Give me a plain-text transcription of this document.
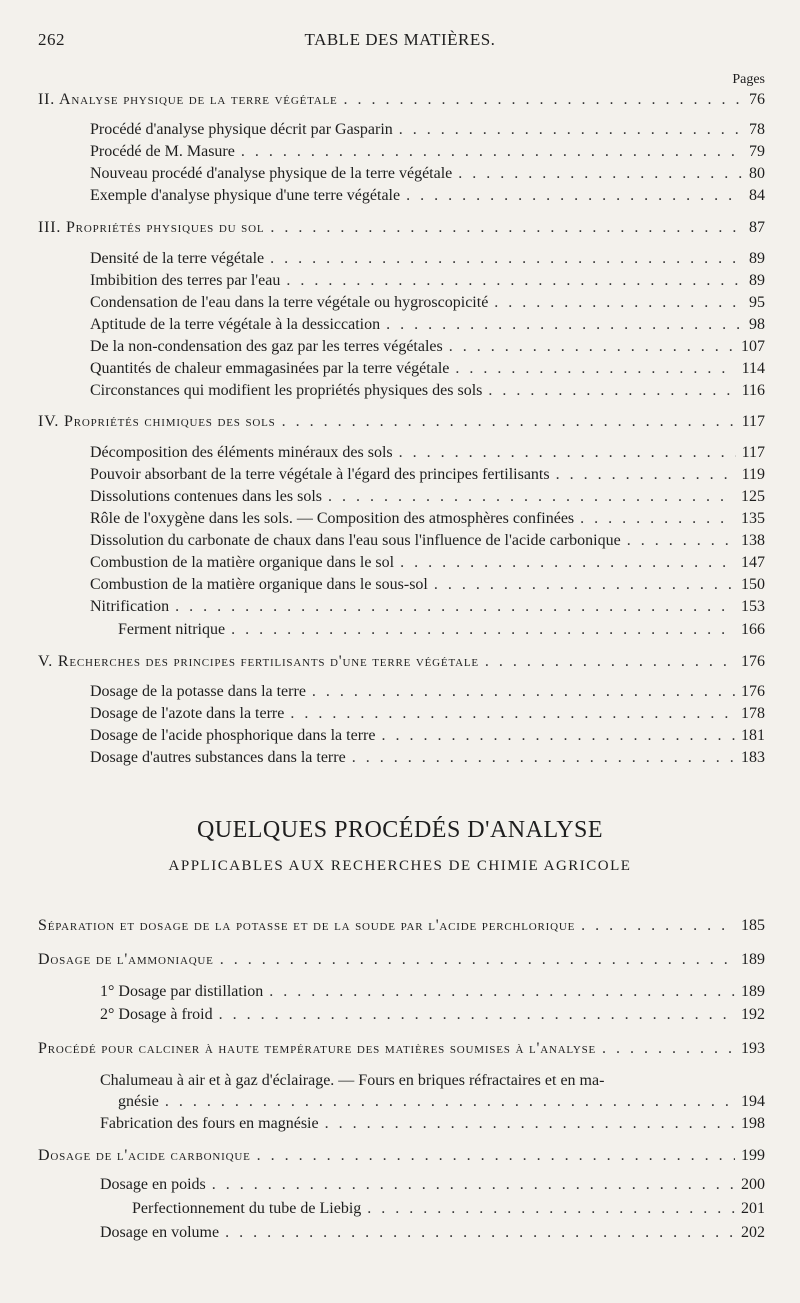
262	TABLE DES MATIÈRES.
Pages
II. Analyse physique de la terre végétale . . .	76
Procédé d'analyse physique décrit par Gasparin . . .	78
Procédé de M. Masure . . .	79
Nouveau procédé d'analyse physique de la terre végétale . . .	80
Exemple d'analyse physique d'une terre végétale . . .	84
III. Propriétés physiques du sol . . .	87
Densité de la terre végétale . . .	89
Imbibition des terres par l'eau . . .	89
Condensation de l'eau dans la terre végétale ou hygroscopicité . . .	95
Aptitude de la terre végétale à la dessiccation . . .	98
De la non-condensation des gaz par les terres végétales . . .	107
Quantités de chaleur emmagasinées par la terre végétale . . .	114
Circonstances qui modifient les propriétés physiques des sols . . .	116
IV. Propriétés chimiques des sols . . .	117
Décomposition des éléments minéraux des sols . . .	117
Pouvoir absorbant de la terre végétale à l'égard des principes fertilisants . . .	119
Dissolutions contenues dans les sols . . .	125
Rôle de l'oxygène dans les sols. — Composition des atmosphères confinées . . .	135
Dissolution du carbonate de chaux dans l'eau sous l'influence de l'acide carbonique . . .	138
Combustion de la matière organique dans le sol . . .	147
Combustion de la matière organique dans le sous-sol . . .	150
Nitrification . . .	153
Ferment nitrique . . .	166
V. Recherches des principes fertilisants d'une terre végétale . . .	176
Dosage de la potasse dans la terre . . .	176
Dosage de l'azote dans la terre . . .	178
Dosage de l'acide phosphorique dans la terre . . .	181
Dosage d'autres substances dans la terre . . .	183
QUELQUES PROCÉDÉS D'ANALYSE
APPLICABLES AUX RECHERCHES DE CHIMIE AGRICOLE
Séparation et dosage de la potasse et de la soude par l'acide perchlorique . . .	185
Dosage de l'ammoniaque . . .	189
1° Dosage par distillation . . .	189
2° Dosage à froid . . .	192
Procédé pour calciner à haute température des matières soumises à l'analyse . . .	193
Chalumeau à air et à gaz d'éclairage. — Fours en briques réfractaires et en ma-
gnésie . . .	194
Fabrication des fours en magnésie . . .	198
Dosage de l'acide carbonique . . .	199
Dosage en poids . . .	200
Perfectionnement du tube de Liebig . . .	201
Dosage en volume . . .	202
